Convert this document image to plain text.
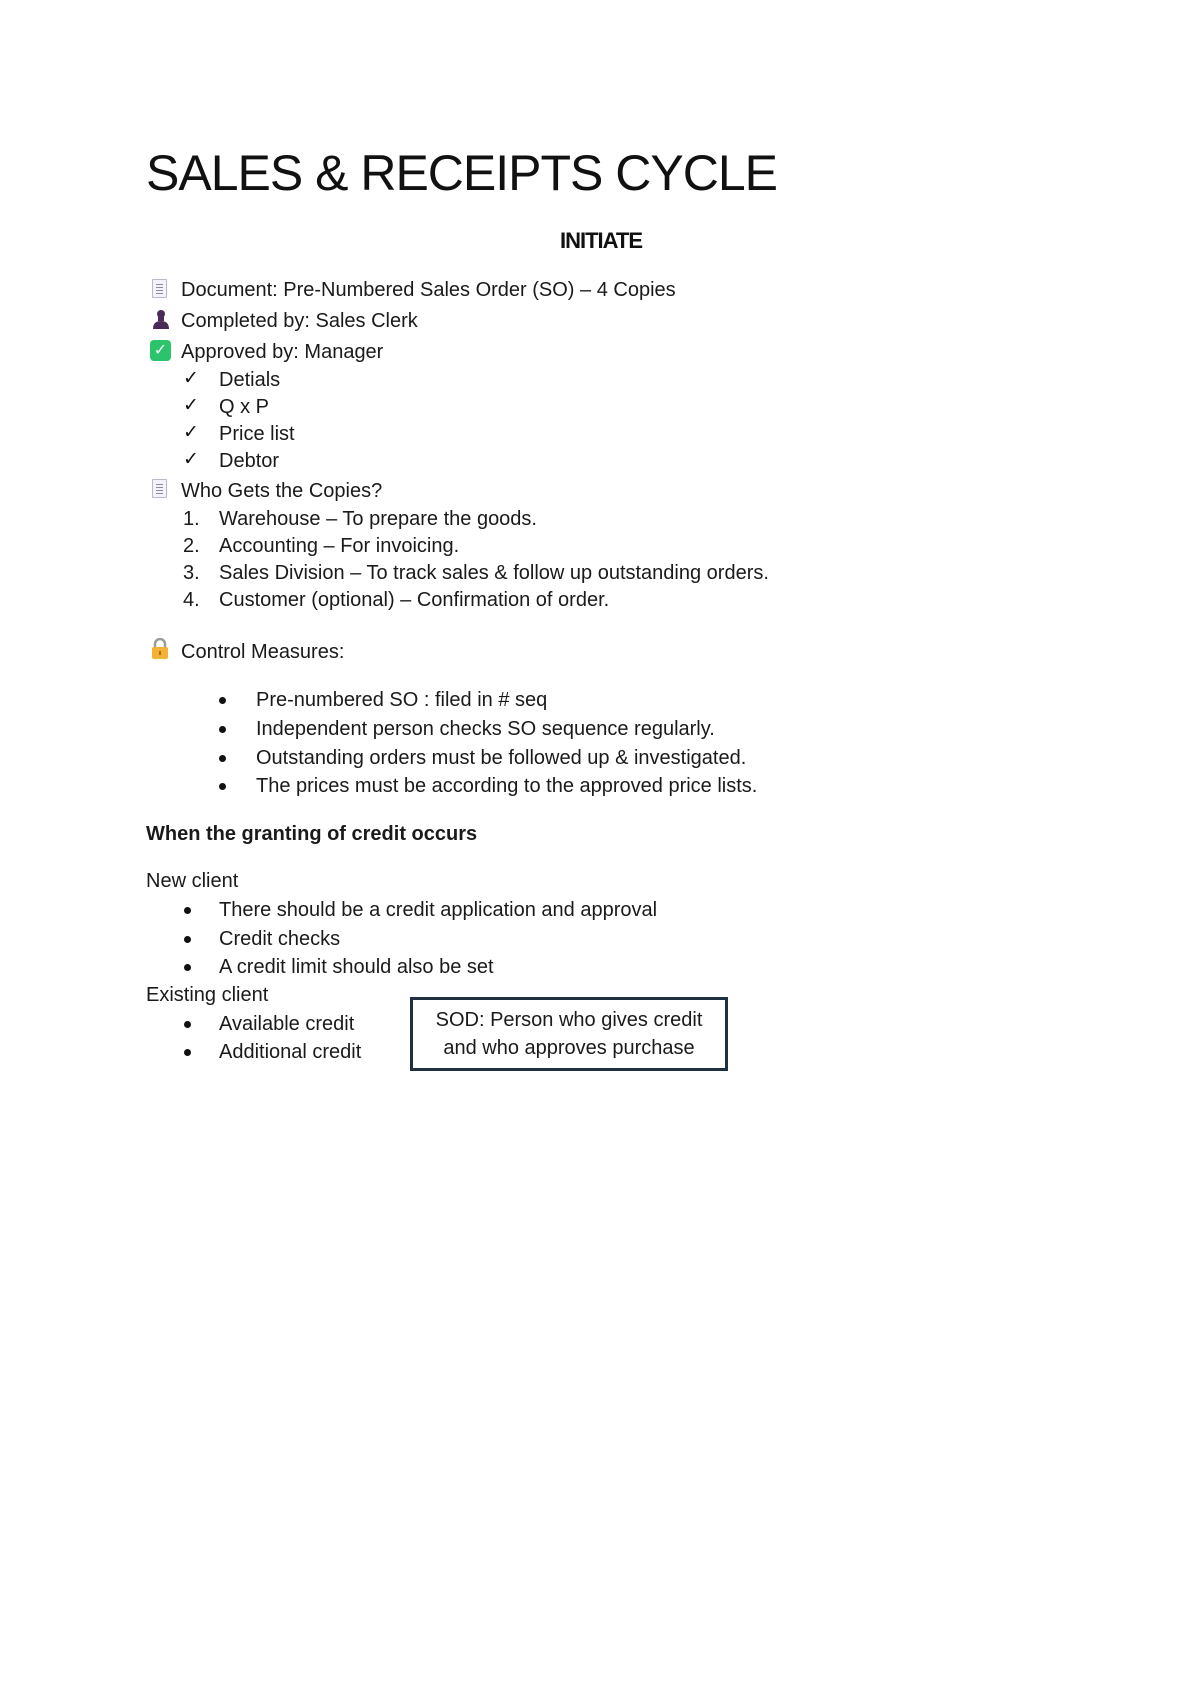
SALES & RECEIPTS CYCLE
INITIATE
Document: Pre-Numbered Sales Order (SO) – 4 Copies
Completed by: Sales Clerk
✓ Approved by: Manager
✓ Detials
✓ Q x P
✓ Price list
✓ Debtor
Who Gets the Copies?
1. Warehouse – To prepare the goods.
2. Accounting – For invoicing.
3. Sales Division – To track sales & follow up outstanding orders.
4. Customer (optional) – Confirmation of order.
Control Measures:
Pre-numbered SO : filed in # seq
Independent person checks SO sequence regularly.
Outstanding orders must be followed up & investigated.
The prices must be according to the approved price lists.
When the granting of credit occurs
New client
There should be a credit application and approval
Credit checks
A credit limit should also be set
Existing client
Available credit
Additional credit
SOD: Person who gives credit
and who approves purchase
